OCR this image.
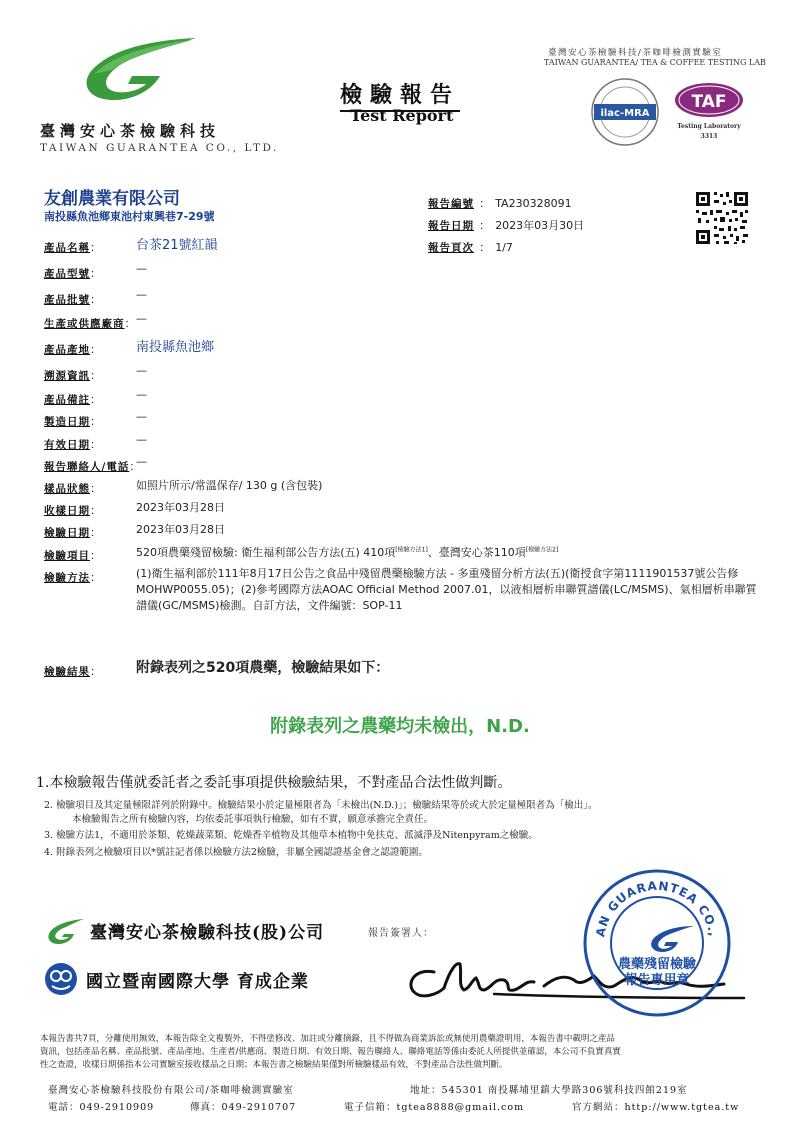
臺灣安心茶檢驗科技
TAIWAN GUARANTEA CO., LTD.
檢驗報告
Test Report
臺灣安心茶檢驗科技/茶咖啡檢測實驗室
TAIWAN GUARANTEA/ TEA & COFFEE TESTING LAB
ilac-MRA
TAF
Testing Laboratory
3313
友創農業有限公司
南投縣魚池鄉東池村東興巷7-29號
報告編號 ： TA230328091
報告日期 ： 2023年03月30日
報告頁次 ： 1/7
產品名稱：	台茶21號紅韻
產品型號：	—
產品批號：	—
生產或供應廠商： —
產品產地：	南投縣魚池鄉
溯源資訊：	—
產品備註：	—
製造日期：	—
有效日期：	—
報告聯絡人/電話：
—
樣品狀態：	如照片所示/常溫保存/ 130 g (含包裝)
收樣日期：	2023年03月28日
檢驗日期：	2023年03月28日
檢驗項目：	520項農藥殘留檢驗: 衛生福利部公告方法(五) 410項[檢驗方法1]、臺灣安心茶110項[檢驗方法2]
檢驗方法：	(1)衛生福利部於111年8月17日公告之食品中殘留農藥檢驗方法 - 多重殘留分析方法(五)(衛授食字第1111901537號公告修
MOHWP0055.05)；(2)參考國際方法AOAC Official Method 2007.01，以液相層析串聯質譜儀(LC/MSMS)、氣相層析串聯質
譜儀(GC/MSMS)檢測。自訂方法，文件編號：SOP-11
檢驗結果：	附錄表列之520項農藥，檢驗結果如下：
附錄表列之農藥均未檢出，N.D.
1.本檢驗報告僅就委託者之委託事項提供檢驗結果，不對產品合法性做判斷。
2. 檢驗項目及其定量極限詳列於附錄中。檢驗結果小於定量極限者為「未檢出(N.D.)」；檢驗結果等於或大於定量極限者為「檢出」。
本檢驗報告之所有檢驗內容，均依委託事項執行檢驗，如有不實，願意承擔完全責任。
3. 檢驗方法1，不適用於茶類、乾燥蔬菜類、乾燥香辛植物及其他草本植物中免扶克、派滅淨及Nitenpyram之檢驗。
4. 附錄表列之檢驗項目以*號註記者係以檢驗方法2檢驗，非屬全國認證基金會之認證範圍。
臺灣安心茶檢驗科技(股)公司	報告簽署人：
國立暨南國際大學 育成企業
AN GUARANTEA CO.,
農藥殘留檢驗
報告專用章
本報告書共7頁，分離使用無效，本報告除全文複製外，不得塗修改、加註或分離摘錄，且不得做為商業訴訟或無使用農藥證明用，本報告書中載明之產品
資訊，包括產品名稱、產品批號、產品產地、生產者/供應商、製造日期、有效日期、報告聯絡人、聯絡電話等係由委託人所提供並確認，本公司不負實真實
性之查證，收樣日期係指本公司實驗室接收樣品之日期；本報告書之檢驗結果僅對所檢驗樣品有效，不對產品合法性做判斷。
臺灣安心茶檢驗科技股份有限公司/茶咖啡檢測實驗室	地址：545301 南投縣埔里鎮大學路306號科技四館219室
電話：049-2910909	傳真：049-2910707	電子信箱：tgtea8888@gmail.com	官方網站：http://www.tgtea.tw
